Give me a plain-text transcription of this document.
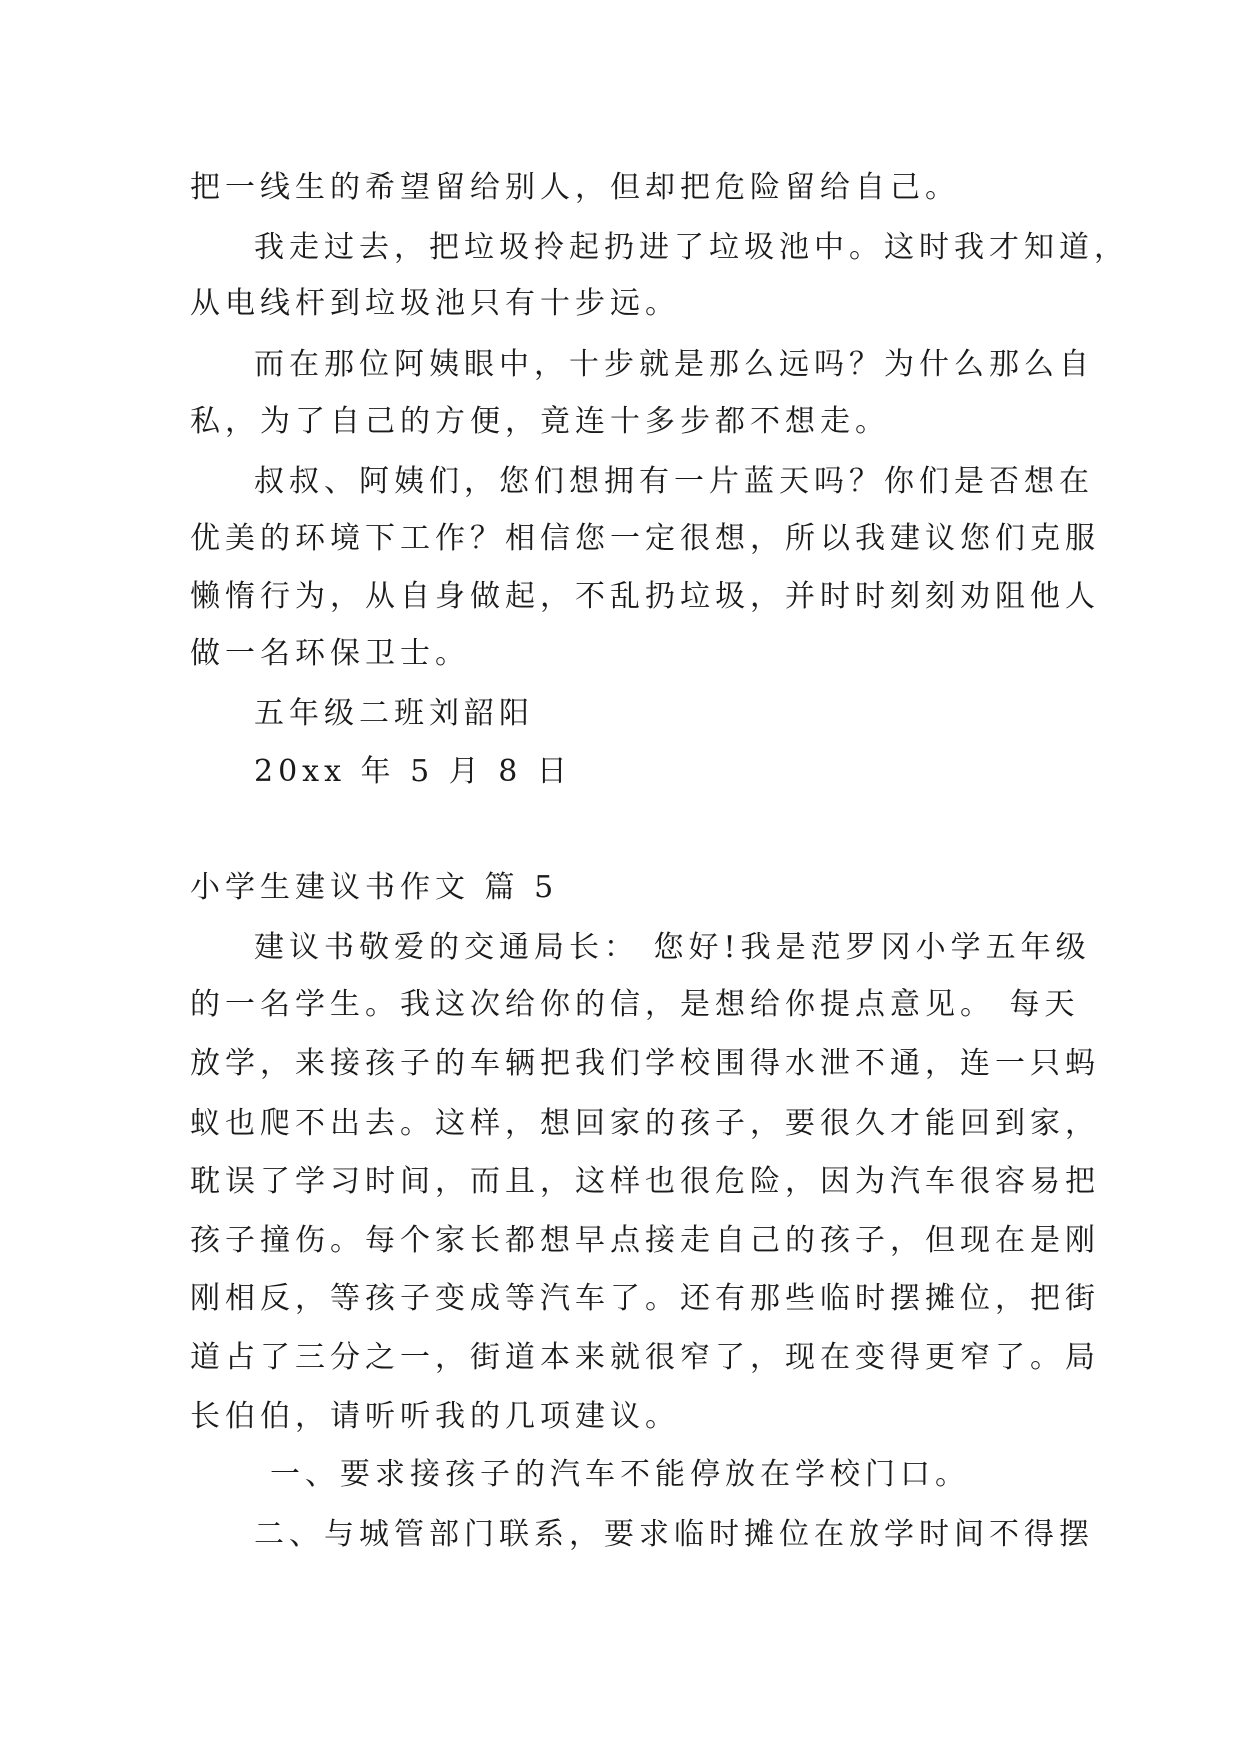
把一线生的希望留给别人，但却把危险留给自己。
我走过去，把垃圾拎起扔进了垃圾池中。这时我才知道，
从电线杆到垃圾池只有十步远。
而在那位阿姨眼中，十步就是那么远吗？为什么那么自
私，为了自己的方便，竟连十多步都不想走。
叔叔、阿姨们，您们想拥有一片蓝天吗？你们是否想在
优美的环境下工作？相信您一定很想，所以我建议您们克服
懒惰行为，从自身做起，不乱扔垃圾，并时时刻刻劝阻他人
做一名环保卫士。
五年级二班刘韶阳
20xx 年 5 月 8 日
小学生建议书作文 篇 5
建议书敬爱的交通局长： 您好!我是范罗冈小学五年级
的一名学生。我这次给你的信，是想给你提点意见。 每天
放学，来接孩子的车辆把我们学校围得水泄不通，连一只蚂
蚁也爬不出去。这样，想回家的孩子，要很久才能回到家，
耽误了学习时间，而且，这样也很危险，因为汽车很容易把
孩子撞伤。每个家长都想早点接走自己的孩子，但现在是刚
刚相反，等孩子变成等汽车了。还有那些临时摆摊位，把街
道占了三分之一，街道本来就很窄了，现在变得更窄了。局
长伯伯，请听听我的几项建议。
一、要求接孩子的汽车不能停放在学校门口。
二、与城管部门联系，要求临时摊位在放学时间不得摆
